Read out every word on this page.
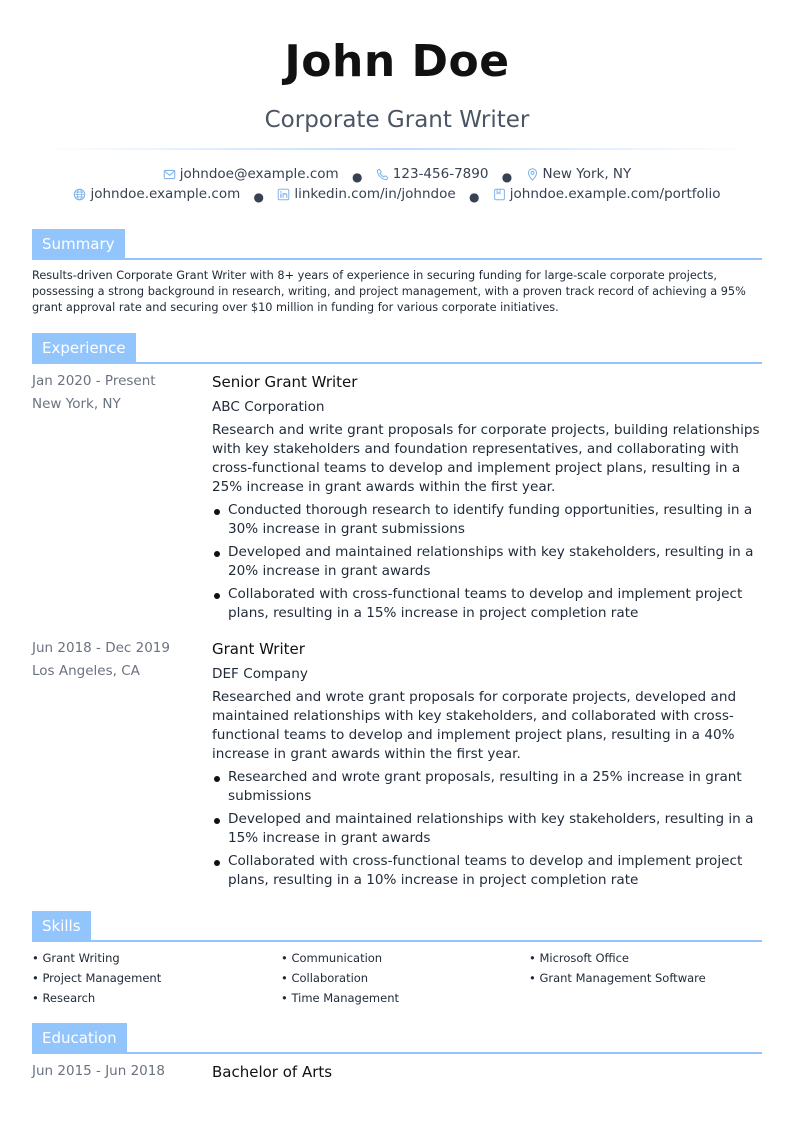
John Doe
Corporate Grant Writer
johndoe@example.com ● 123-456-7890 ● New York, NY
johndoe.example.com ● linkedin.com/in/johndoe ● johndoe.example.com/portfolio
Summary
Results-driven Corporate Grant Writer with 8+ years of experience in securing funding for large-scale corporate projects, possessing a strong background in research, writing, and project management, with a proven track record of achieving a 95% grant approval rate and securing over $10 million in funding for various corporate initiatives.
Experience
Jan 2020 - Present
New York, NY
Senior Grant Writer
ABC Corporation
Research and write grant proposals for corporate projects, building relationships with key stakeholders and foundation representatives, and collaborating with cross-functional teams to develop and implement project plans, resulting in a 25% increase in grant awards within the first year.
Conducted thorough research to identify funding opportunities, resulting in a 30% increase in grant submissions
Developed and maintained relationships with key stakeholders, resulting in a 20% increase in grant awards
Collaborated with cross-functional teams to develop and implement project plans, resulting in a 15% increase in project completion rate
Jun 2018 - Dec 2019
Los Angeles, CA
Grant Writer
DEF Company
Researched and wrote grant proposals for corporate projects, developed and maintained relationships with key stakeholders, and collaborated with cross-functional teams to develop and implement project plans, resulting in a 40% increase in grant awards within the first year.
Researched and wrote grant proposals, resulting in a 25% increase in grant submissions
Developed and maintained relationships with key stakeholders, resulting in a 15% increase in grant awards
Collaborated with cross-functional teams to develop and implement project plans, resulting in a 10% increase in project completion rate
Skills
• Grant Writing
• Project Management
• Research
• Communication
• Collaboration
• Time Management
• Microsoft Office
• Grant Management Software
Education
Jun 2015 - Jun 2018	Bachelor of Arts
